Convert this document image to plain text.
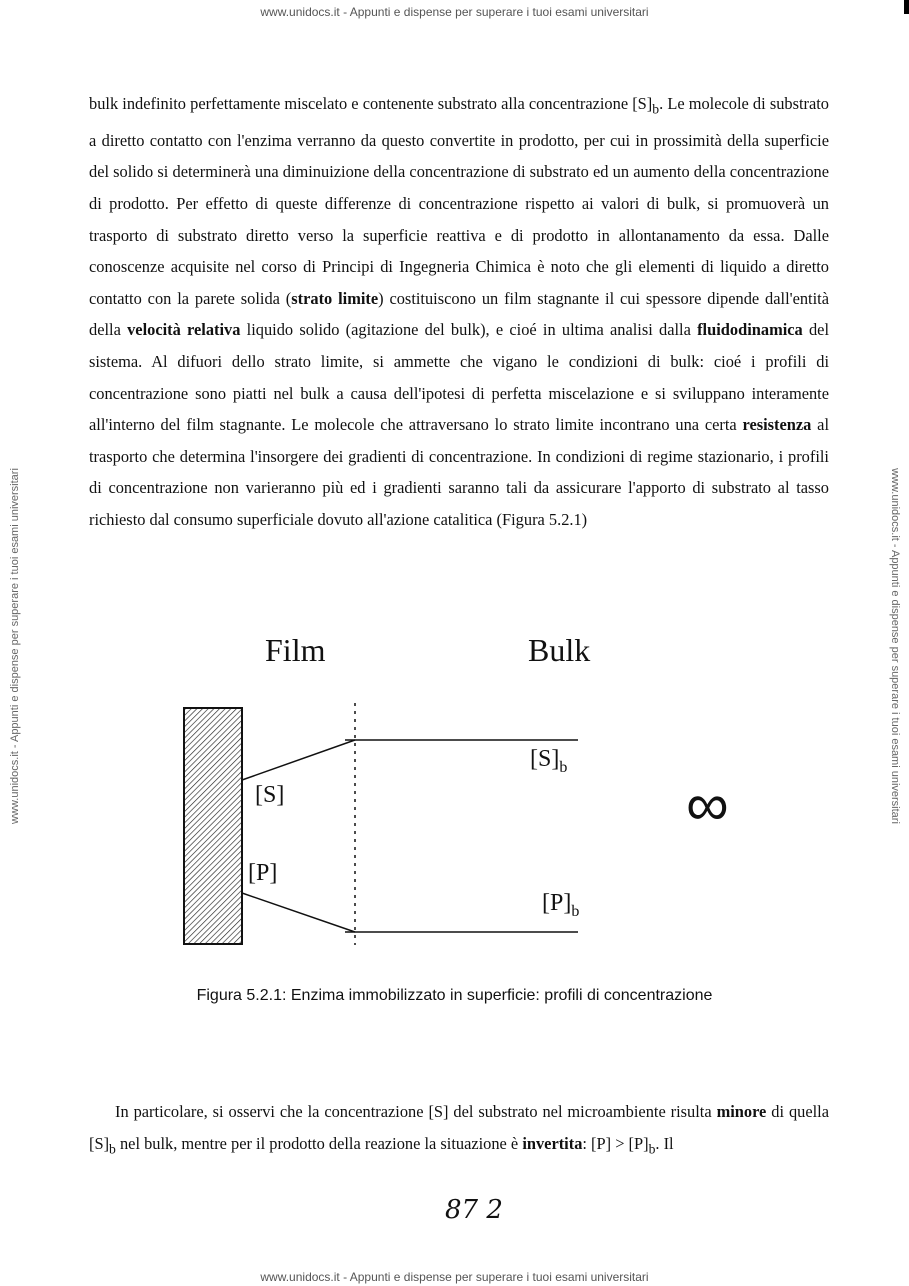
www.unidocs.it - Appunti e dispense per superare i tuoi esami universitari
www.unidocs.it - Appunti e dispense per superare i tuoi esami universitari	www.unidocs.it - Appunti e dispense per superare i tuoi esami universitari

bulk indefinito perfettamente miscelato e contenente substrato alla concentrazione $[S]_b$. Le molecole di substrato a diretto contatto con l'enzima verranno da questo convertite in prodotto, per cui in prossimità della superficie del solido si determinerà una diminuizione della concentrazione di substrato ed un aumento della concentrazione di prodotto. Per effetto di queste differenze di concentrazione rispetto ai valori di bulk, si promuoverà un trasporto di substrato diretto verso la superficie reattiva e di prodotto in allontanamento da essa. Dalle conoscenze acquisite nel corso di Principi di Ingegneria Chimica è noto che gli elementi di liquido a diretto contatto con la parete solida (strato limite) costituiscono un film stagnante il cui spessore dipende dall'entità della velocità relativa liquido solido (agitazione del bulk), e cioé in ultima analisi dalla fluidodinamica del sistema. Al difuori dello strato limite, si ammette che vigano le condizioni di bulk: cioé i profili di concentrazione sono piatti nel bulk a causa dell'ipotesi di perfetta miscelazione e si sviluppano interamente all'interno del film stagnante. Le molecole che attraversano lo strato limite incontrano una certa resistenza al trasporto che determina l'insorgere dei gradienti di concentrazione. In condizioni di regime stazionario, i profili di concentrazione non varieranno più ed i gradienti saranno tali da assicurare l'apporto di substrato al tasso richiesto dal consumo superficiale dovuto all'azione catalitica (Figura 5.2.1)

Film	Bulk
[S]
[P]
$[S]_b$
$[P]_b$
∞
Figura 5.2.1: Enzima immobilizzato in superficie: profili di concentrazione

In particolare, si osservi che la concentrazione [S] del substrato nel microambiente risulta minore di quella $[S]_b$ nel bulk, mentre per il prodotto della reazione la situazione è invertita: $[P] > [P]_b$. Il

87 2
www.unidocs.it - Appunti e dispense per superare i tuoi esami universitari
